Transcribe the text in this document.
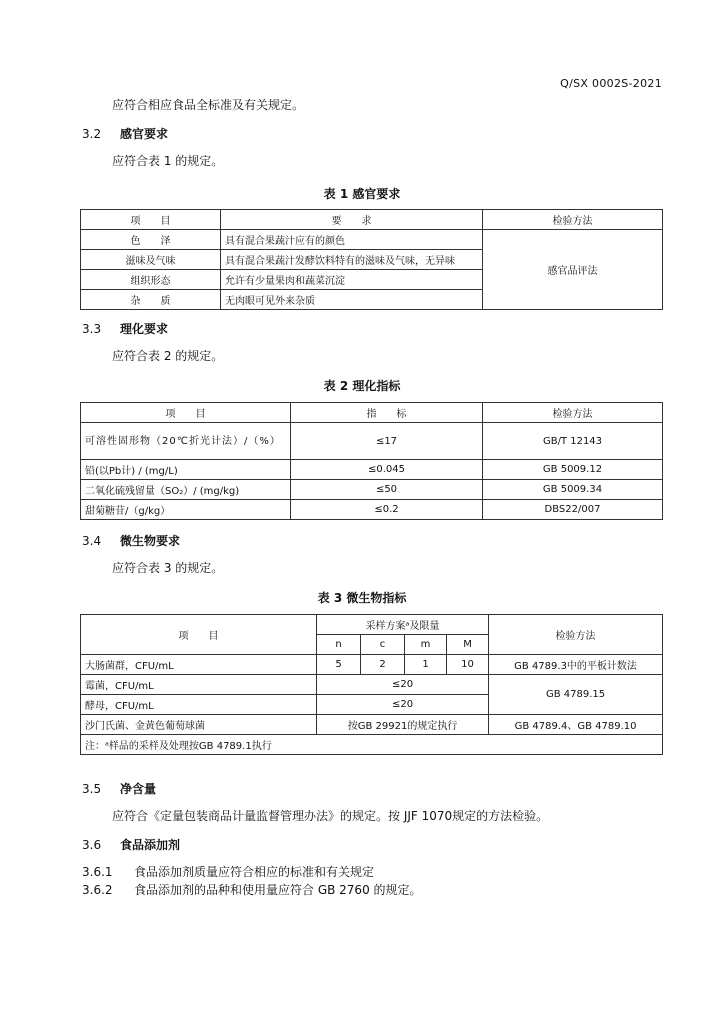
Q/SX 0002S-2021
应符合相应食品全标准及有关规定。
3.2 感官要求
应符合表 1 的规定。
表 1 感官要求
项　　目	要　　求	检验方法
色　　泽	具有混合果蔬汁应有的颜色	感官品评法
滋味及气味	具有混合果蔬汁发酵饮料特有的滋味及气味，无异味	
组织形态	允许有少量果肉和蔬菜沉淀	
杂　　质	无肉眼可见外来杂质	
3.3 理化要求
应符合表 2 的规定。
表 2 理化指标
项　　目	指　　标	检验方法
可溶性固形物（20℃折光计法）/（%）	≤17	GB/T 12143
铅(以Pb计) / (mg/L)	≤0.045	GB 5009.12
二氧化硫残留量（SO₂）/ (mg/kg)	≤50	GB 5009.34
甜菊糖苷/（g/kg）	≤0.2	DBS22/007
3.4 微生物要求
应符合表 3 的规定。
表 3 微生物指标
项　　目	采样方案ᵃ及限量				检验方法
	n	c	m	M	
大肠菌群，CFU/mL	5	2	1	10	GB 4789.3中的平板计数法
霉菌，CFU/mL	≤20				GB 4789.15
酵母，CFU/mL	≤20				
沙门氏菌、金黄色葡萄球菌	按GB 29921的规定执行				GB 4789.4、GB 4789.10
注：ᵃ样品的采样及处理按GB 4789.1执行					
3.5 净含量
应符合《定量包装商品计量监督管理办法》的规定。按 JJF 1070规定的方法检验。
3.6 食品添加剂
3.6.1 食品添加剂质量应符合相应的标准和有关规定
3.6.2 食品添加剂的品种和使用量应符合 GB 2760 的规定。
